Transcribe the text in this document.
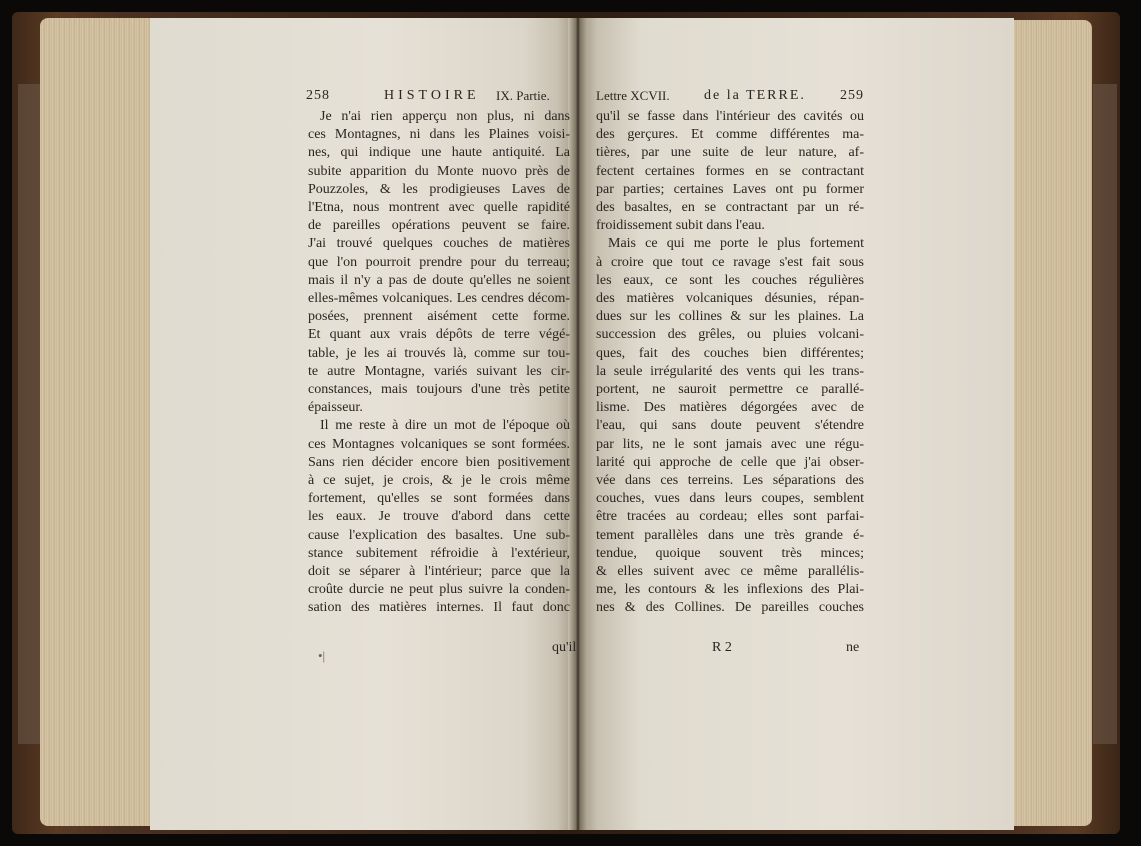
258	HISTOIRE IX. Partie.	Lettre XCVII. de la TERRE. 259
Je n'ai rien apperçu non plus, ni dans
ces Montagnes, ni dans les Plaines voisi-
nes, qui indique une haute antiquité. La
subite apparition du Monte nuovo près de
Pouzzoles, & les prodigieuses Laves de
l'Etna, nous montrent avec quelle rapidité
de pareilles opérations peuvent se faire.
J'ai trouvé quelques couches de matières
que l'on pourroit prendre pour du terreau;
mais il n'y a pas de doute qu'elles ne soient
elles-mêmes volcaniques. Les cendres décom-
posées, prennent aisément cette forme.
Et quant aux vrais dépôts de terre végé-
table, je les ai trouvés là, comme sur tou-
te autre Montagne, variés suivant les cir-
constances, mais toujours d'une très petite
épaisseur.
Il me reste à dire un mot de l'époque où
ces Montagnes volcaniques se sont formées.
Sans rien décider encore bien positivement
à ce sujet, je crois, & je le crois même
fortement, qu'elles se sont formées dans
les eaux. Je trouve d'abord dans cette
cause l'explication des basaltes. Une sub-
stance subitement réfroidie à l'extérieur,
doit se séparer à l'intérieur; parce que la
croûte durcie ne peut plus suivre la conden-
sation des matières internes. Il faut donc
qu'il se fasse dans l'intérieur des cavités ou
des gerçures. Et comme différentes ma-
tières, par une suite de leur nature, af-
fectent certaines formes en se contractant
par parties; certaines Laves ont pu former
des basaltes, en se contractant par un ré-
froidissement subit dans l'eau.
Mais ce qui me porte le plus fortement
à croire que tout ce ravage s'est fait sous
les eaux, ce sont les couches régulières
des matières volcaniques désunies, répan-
dues sur les collines & sur les plaines. La
succession des grêles, ou pluies volcani-
ques, fait des couches bien différentes;
la seule irrégularité des vents qui les trans-
portent, ne sauroit permettre ce parallé-
lisme. Des matières dégorgées avec de
l'eau, qui sans doute peuvent s'étendre
par lits, ne le sont jamais avec une régu-
larité qui approche de celle que j'ai obser-
vée dans ces terreins. Les séparations des
couches, vues dans leurs coupes, semblent
être tracées au cordeau; elles sont parfai-
tement parallèles dans une très grande é-
tendue, quoique souvent très minces;
& elles suivent avec ce même parallélis-
me, les contours & les inflexions des Plai-
nes & des Collines. De pareilles couches
qu'il
•|
R 2	ne
